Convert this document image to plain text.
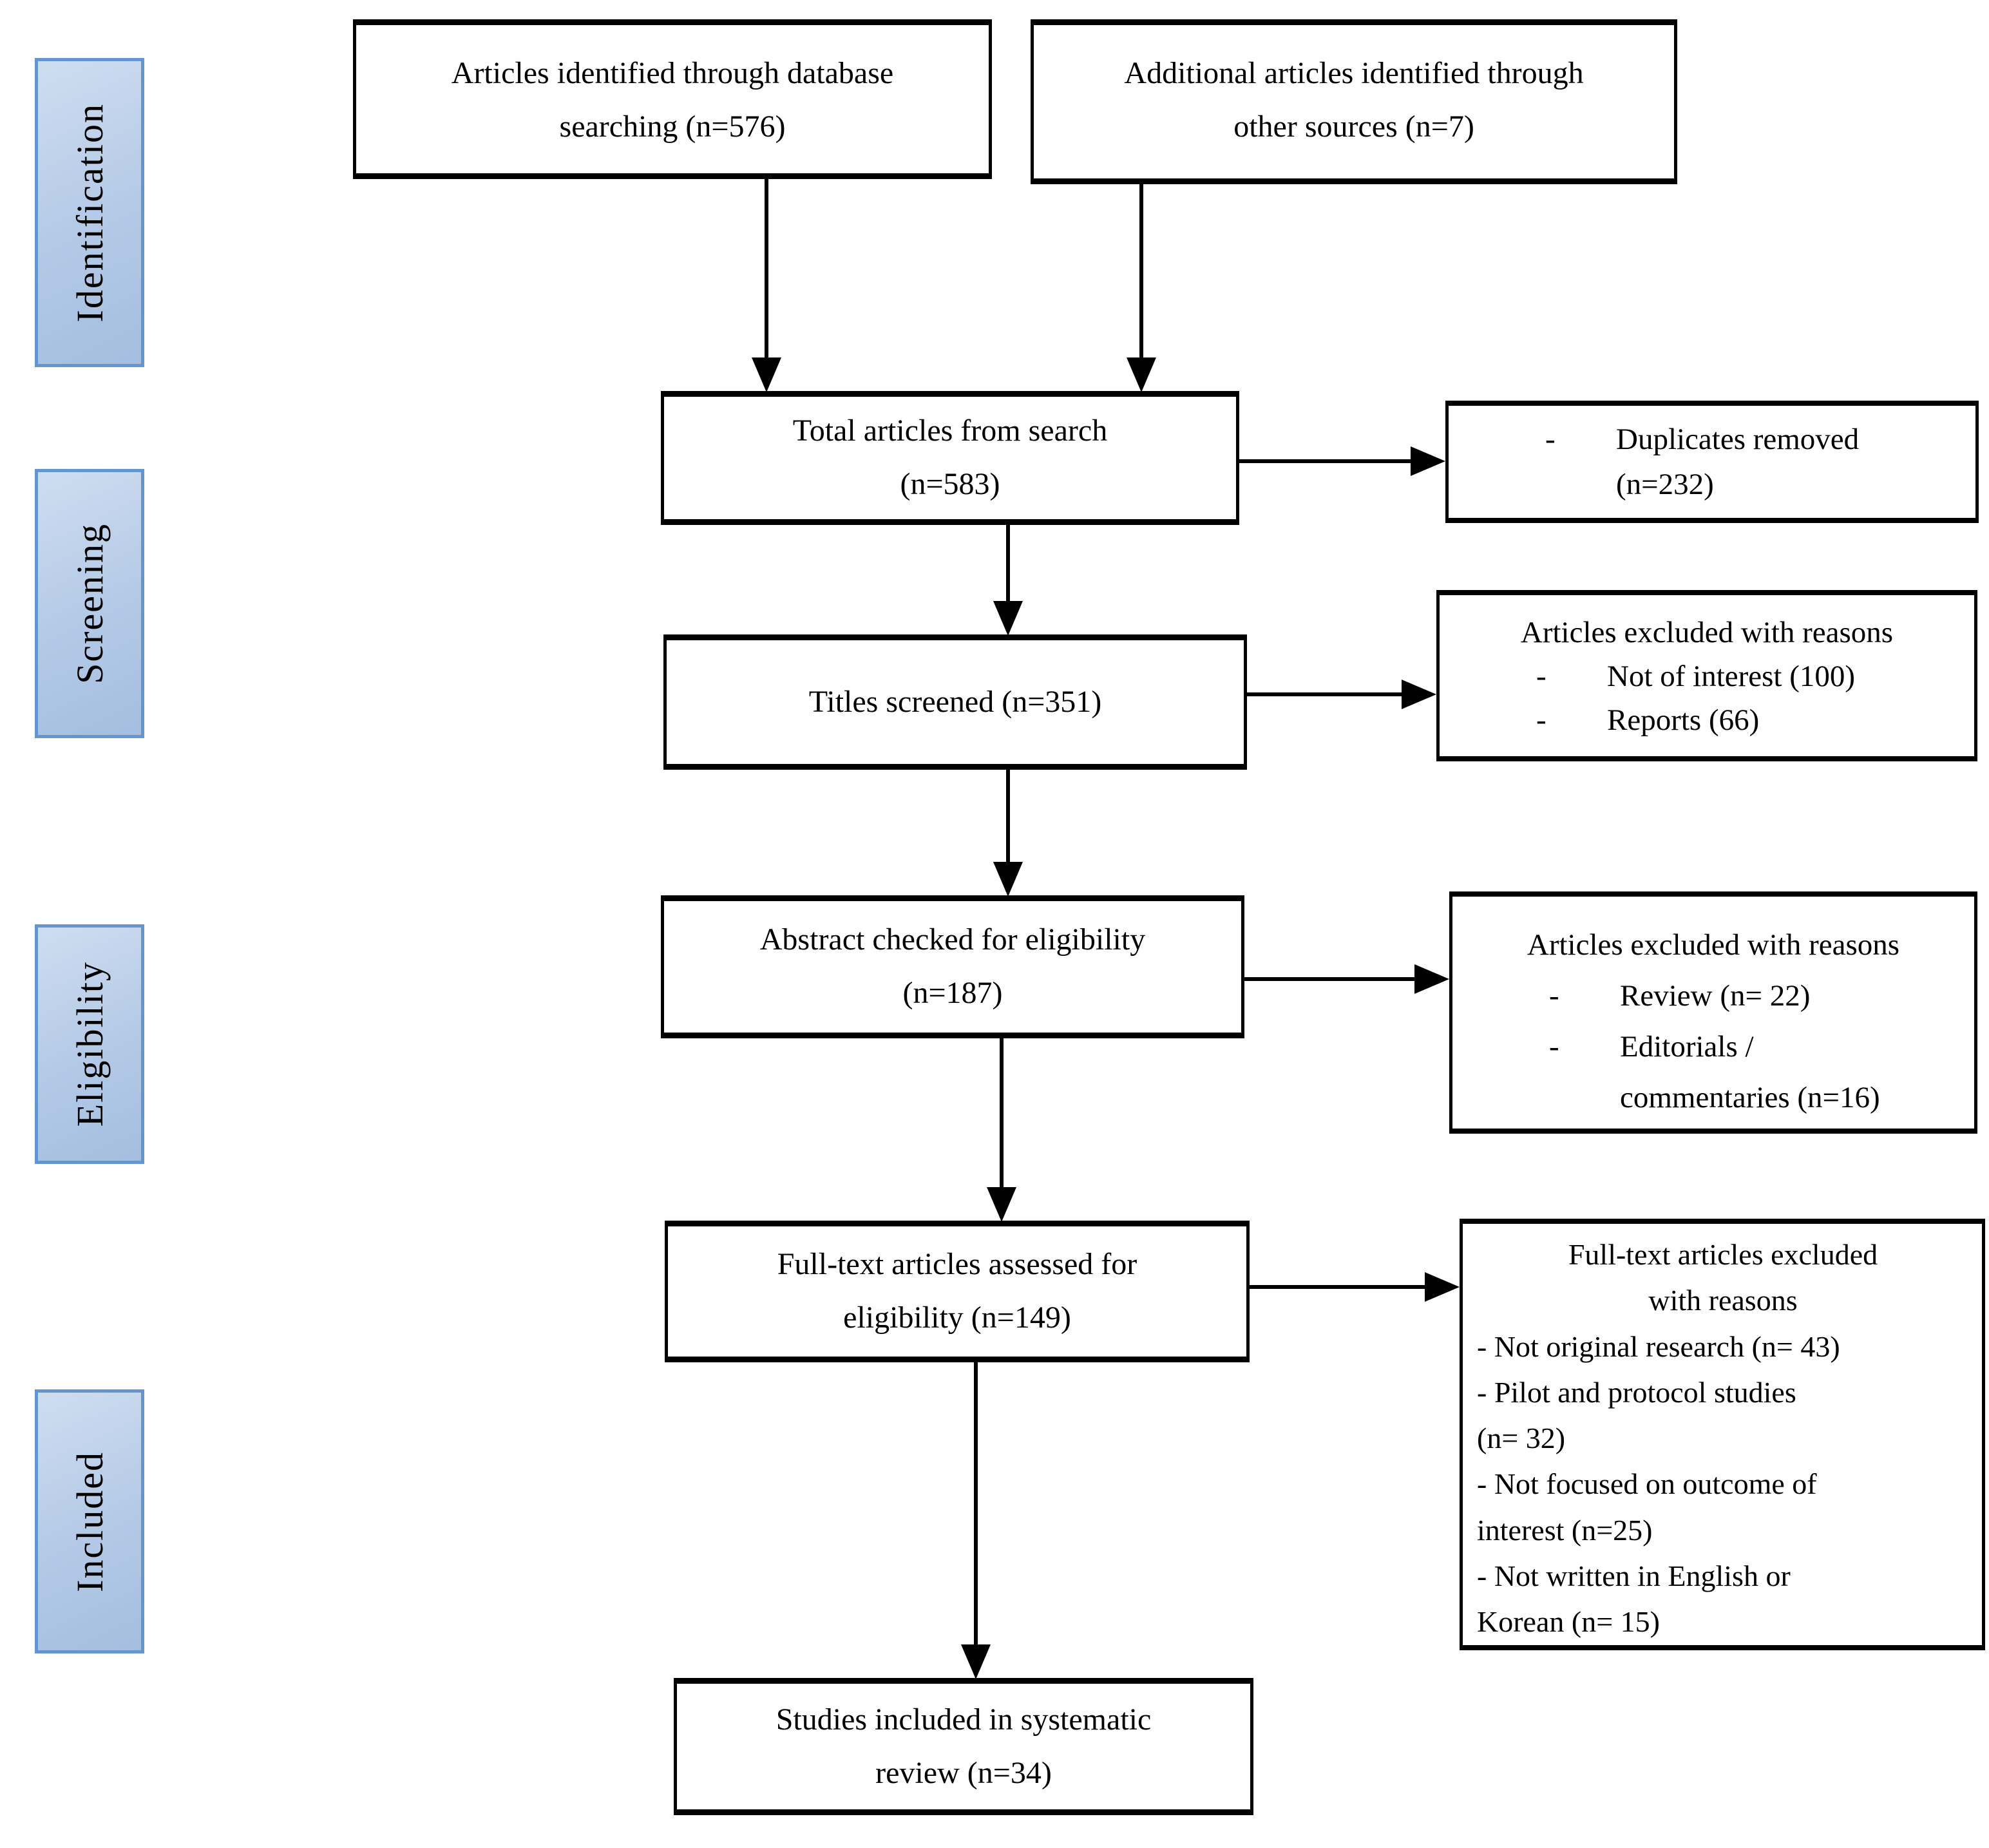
Identification
Screening
Eligibility
Included
Articles identified through database
searching (n=576)
Additional articles identified through
other sources (n=7)
Total articles from search
(n=583)
Titles screened (n=351)
Abstract checked for eligibility
(n=187)
Full-text articles assessed for
eligibility (n=149)
Studies included in systematic
review (n=34)
-	Duplicates removed
(n=232)
Articles excluded with reasons
-	Not of interest (100)
-	Reports (66)
Articles excluded with reasons
-	Review (n= 22)
-	Editorials /
commentaries (n=16)
Full-text articles excluded
with reasons
- Not original research (n= 43)
- Pilot and protocol studies
(n= 32)
- Not focused on outcome of
interest (n=25)
- Not written in English or
Korean (n= 15)
